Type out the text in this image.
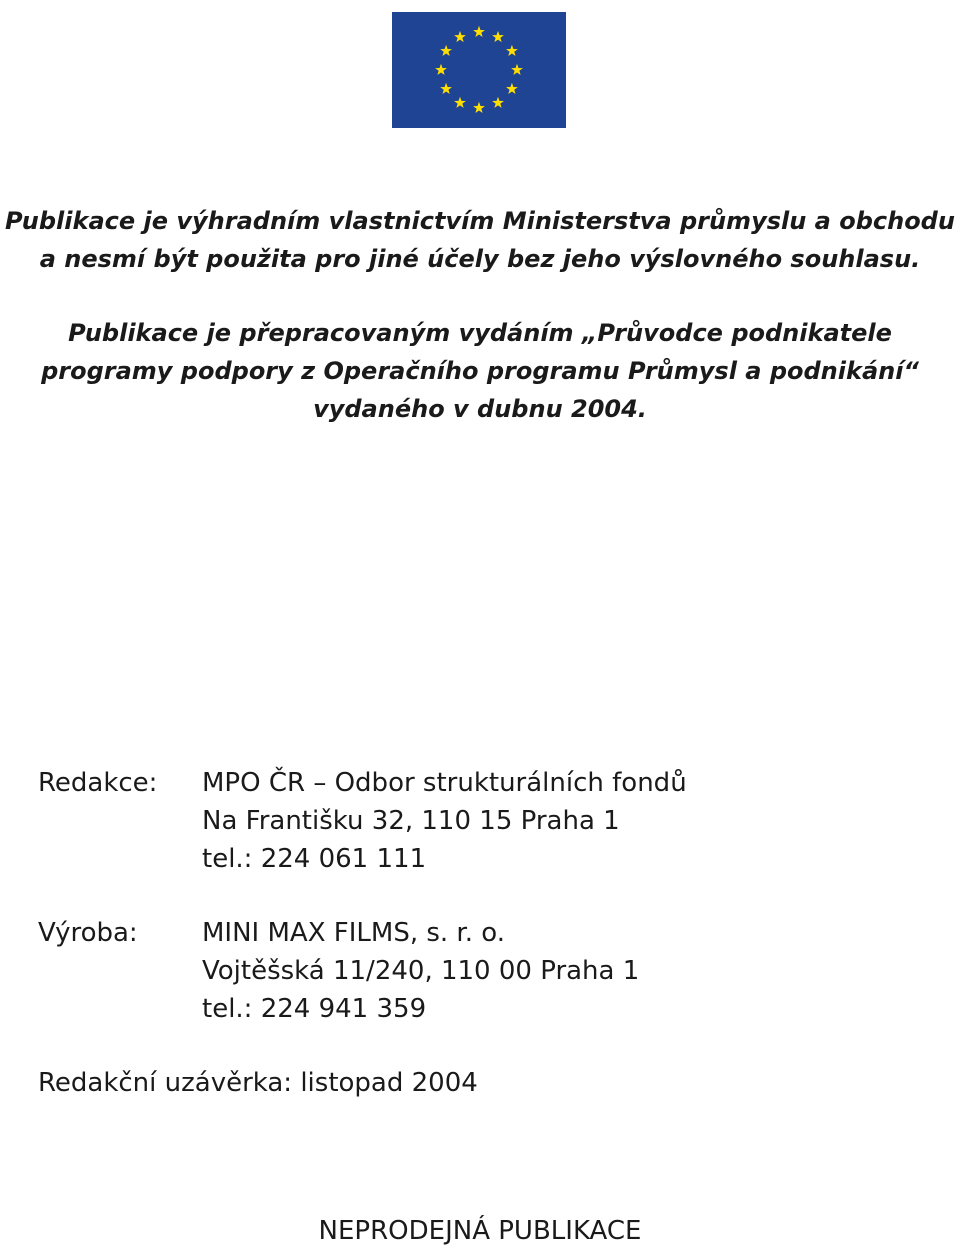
Publikace je výhradním vlastnictvím Ministerstva průmyslu a obchodu

a nesmí být použita pro jiné účely bez jeho výslovného souhlasu.

Publikace je přepracovaným vydáním „Průvodce podnikatele

programy podpory z Operačního programu Průmysl a podnikání“

vydaného v dubnu 2004.

Redakce: MPO ČR – Odbor strukturálních fondů

Na Františku 32, 110 15 Praha 1

tel.: 224 061 111

Výroba: MINI MAX FILMS, s. r. o.

Vojtěšská 11/240, 110 00 Praha 1

tel.: 224 941 359

Redakční uzávěrka: listopad 2004
NEPRODEJNÁ PUBLIKACE
